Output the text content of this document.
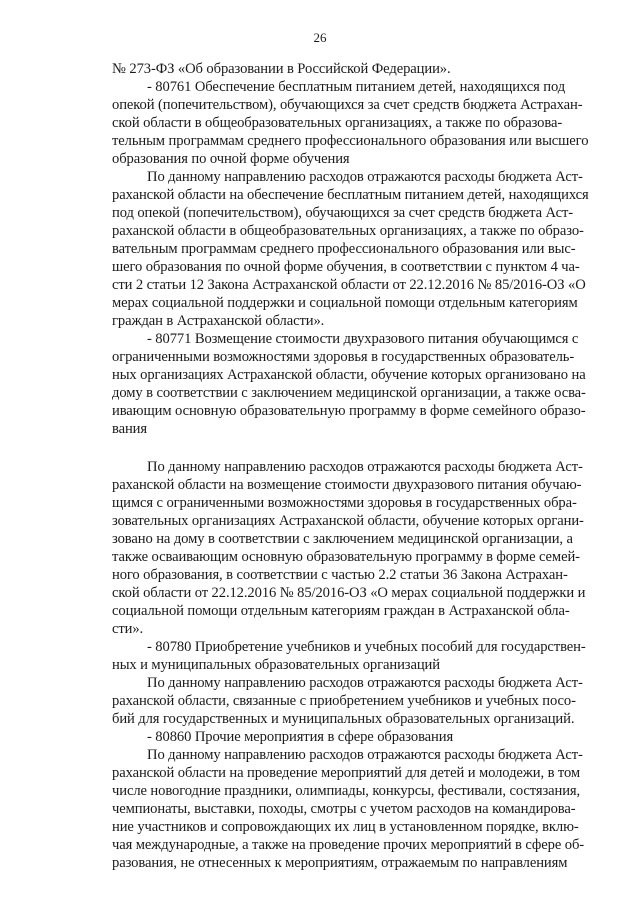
26
№ 273-ФЗ «Об образовании в Российской Федерации».
- 80761 Обеспечение бесплатным питанием детей, находящихся под
опекой (попечительством), обучающихся за счет средств бюджета Астрахан-
ской области в общеобразовательных организациях, а также по образова-
тельным программам среднего профессионального образования или высшего
образования по очной форме обучения
По данному направлению расходов отражаются расходы бюджета Аст-
раханской области на обеспечение бесплатным питанием детей, находящихся
под опекой (попечительством), обучающихся за счет средств бюджета Аст-
раханской области в общеобразовательных организациях, а также по образо-
вательным программам среднего профессионального образования или выс-
шего образования по очной форме обучения, в соответствии с пунктом 4 ча-
сти 2 статьи 12 Закона Астраханской области от 22.12.2016 № 85/2016-ОЗ «О
мерах социальной поддержки и социальной помощи отдельным категориям
граждан в Астраханской области».
- 80771 Возмещение стоимости двухразового питания обучающимся с
ограниченными возможностями здоровья в государственных образователь-
ных организациях Астраханской области, обучение которых организовано на
дому в соответствии с заключением медицинской организации, а также осва-
ивающим основную образовательную программу в форме семейного образо-
вания
По данному направлению расходов отражаются расходы бюджета Аст-
раханской области на возмещение стоимости двухразового питания обучаю-
щимся с ограниченными возможностями здоровья в государственных обра-
зовательных организациях Астраханской области, обучение которых органи-
зовано на дому в соответствии с заключением медицинской организации, а
также осваивающим основную образовательную программу в форме семей-
ного образования, в соответствии с частью 2.2 статьи 36 Закона Астрахан-
ской области от 22.12.2016 № 85/2016-ОЗ «О мерах социальной поддержки и
социальной помощи отдельным категориям граждан в Астраханской обла-
сти».
- 80780 Приобретение учебников и учебных пособий для государствен-
ных и муниципальных образовательных организаций
По данному направлению расходов отражаются расходы бюджета Аст-
раханской области, связанные с приобретением учебников и учебных посо-
бий для государственных и муниципальных образовательных организаций.
- 80860 Прочие мероприятия в сфере образования
По данному направлению расходов отражаются расходы бюджета Аст-
раханской области на проведение мероприятий для детей и молодежи, в том
числе новогодние праздники, олимпиады, конкурсы, фестивали, состязания,
чемпионаты, выставки, походы, смотры с учетом расходов на командирова-
ние участников и сопровождающих их лиц в установленном порядке, вклю-
чая международные, а также на проведение прочих мероприятий в сфере об-
разования, не отнесенных к мероприятиям, отражаемым по направлениям
